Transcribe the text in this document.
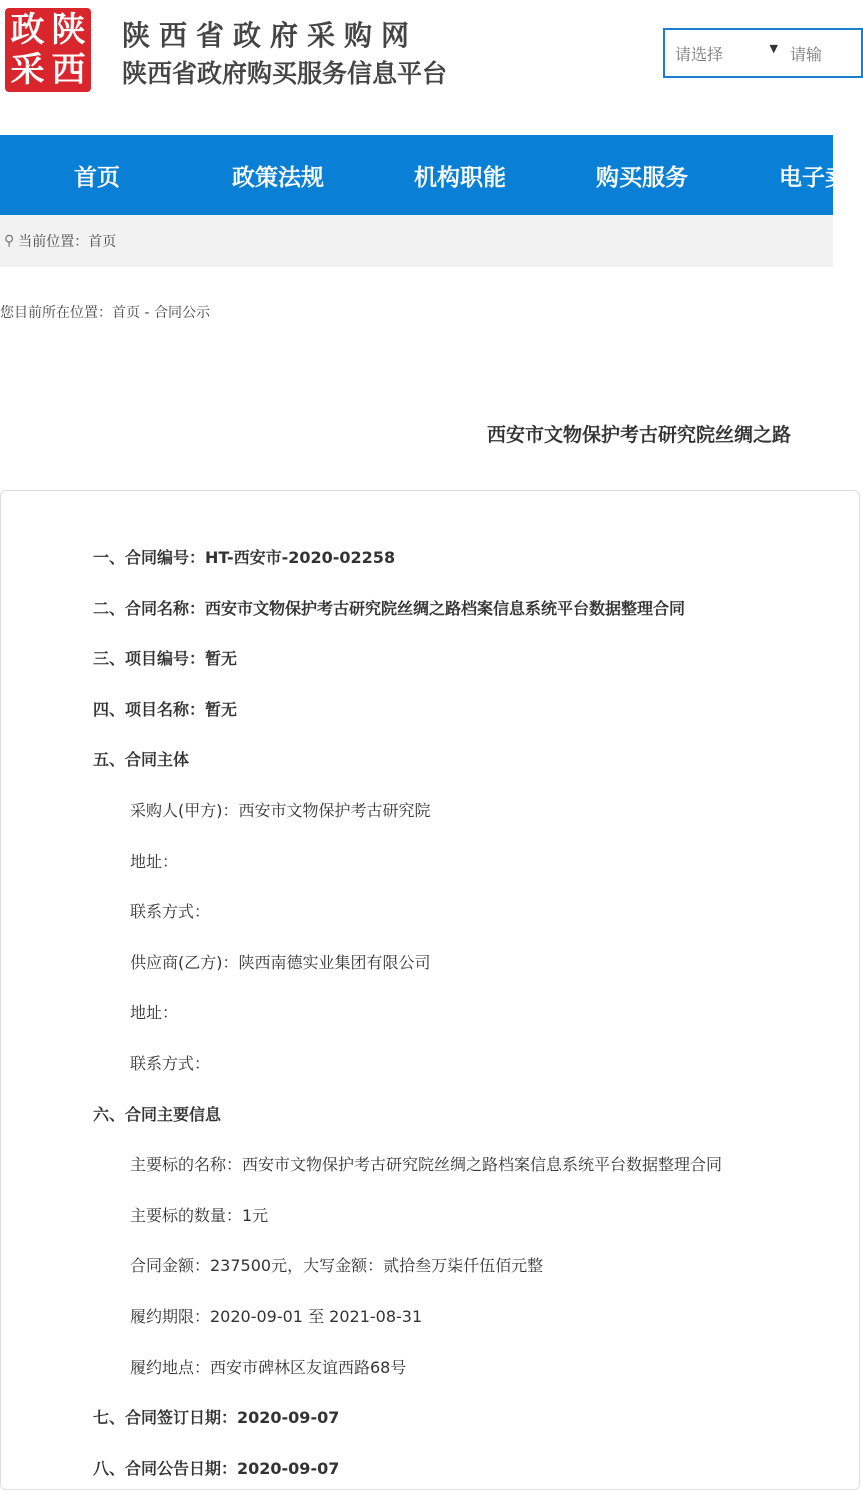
政 陕
采 西
陕西省政府采购网
陕西省政府购买服务信息平台
请选择	▼ 请输
首页	政策法规	机构职能	购买服务	电子卖
⚲ 当前位置：首页
您目前所在位置：首页 - 合同公示
西安市文物保护考古研究院丝绸之路
一、合同编号：HT-西安市-2020-02258
二、合同名称：西安市文物保护考古研究院丝绸之路档案信息系统平台数据整理合同
三、项目编号：暂无
四、项目名称：暂无
五、合同主体
采购人(甲方)：西安市文物保护考古研究院
地址：
联系方式：
供应商(乙方)：陕西南德实业集团有限公司
地址：
联系方式：
六、合同主要信息
主要标的名称：西安市文物保护考古研究院丝绸之路档案信息系统平台数据整理合同
主要标的数量：1元
合同金额：237500元，大写金额：贰拾叁万柒仟伍佰元整
履约期限：2020-09-01 至 2021-08-31
履约地点：西安市碑林区友谊西路68号
七、合同签订日期：2020-09-07
八、合同公告日期：2020-09-07
